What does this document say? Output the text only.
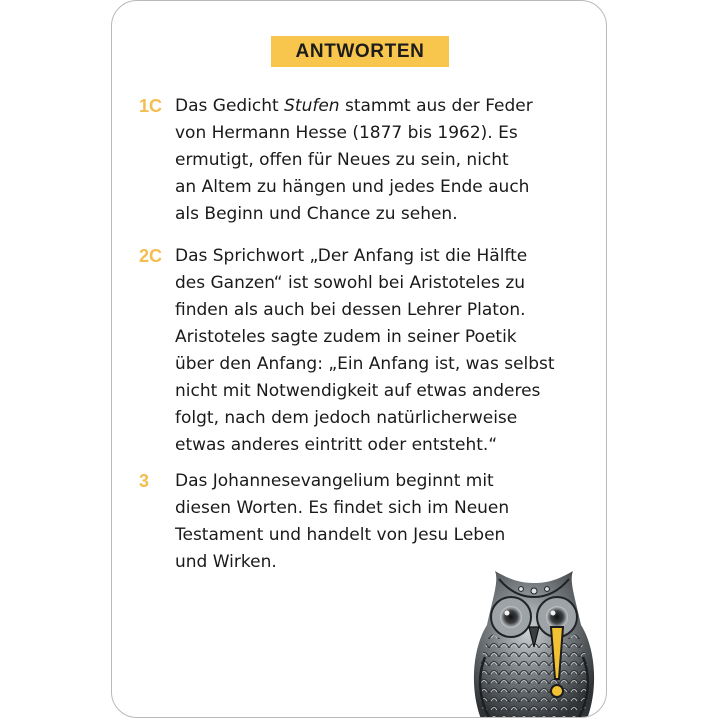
ANTWORTEN
1C Das Gedicht Stufen stammt aus der Feder
von Hermann Hesse (1877 bis 1962). Es
ermutigt, offen für Neues zu sein, nicht
an Altem zu hängen und jedes Ende auch
als Beginn und Chance zu sehen.
2C Das Sprichwort „Der Anfang ist die Hälfte
des Ganzen“ ist sowohl bei Aristoteles zu
finden als auch bei dessen Lehrer Platon.
Aristoteles sagte zudem in seiner Poetik
über den Anfang: „Ein Anfang ist, was selbst
nicht mit Notwendigkeit auf etwas anderes
folgt, nach dem jedoch natürlicherweise
etwas anderes eintritt oder entsteht.“
3	Das Johannesevangelium beginnt mit
diesen Worten. Es findet sich im Neuen
Testament und handelt von Jesu Leben
und Wirken.
